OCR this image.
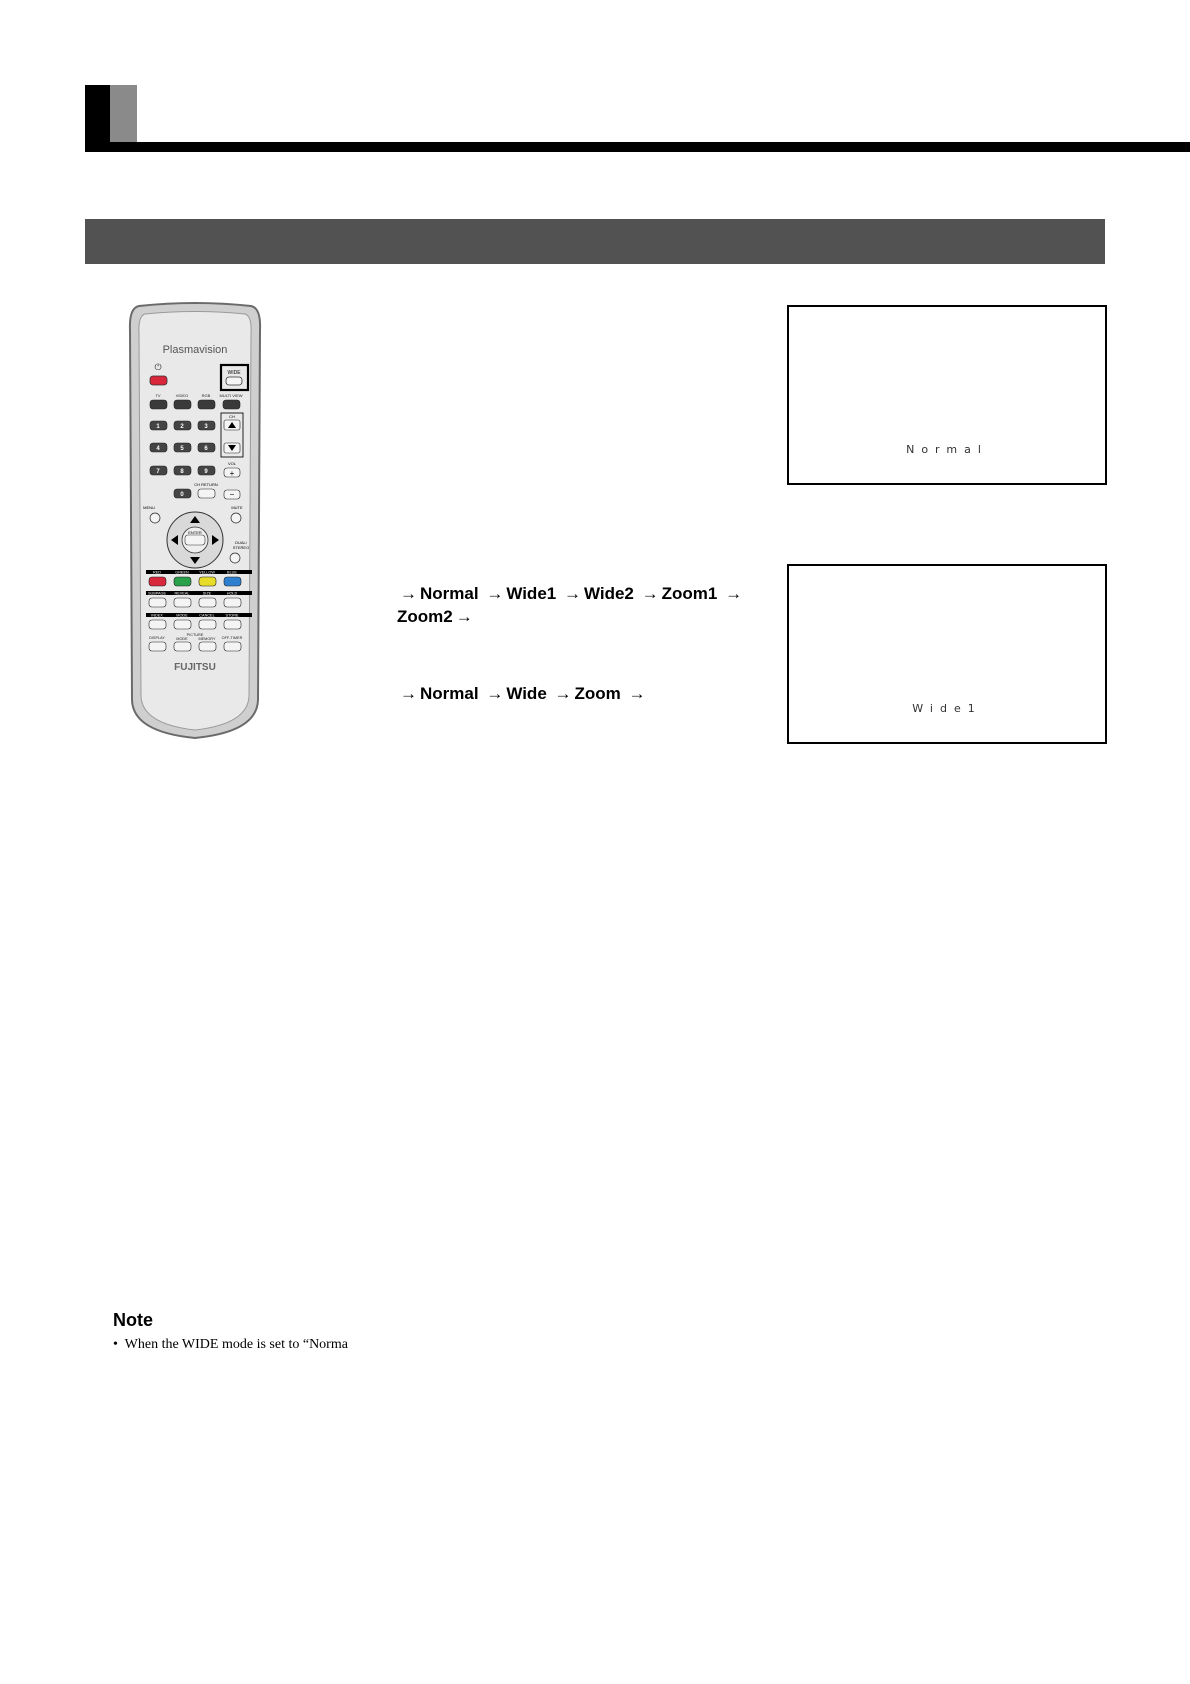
Plasmavision
⏻
WIDE
TV	VIDEO	RGB MULTI VIEW
1	2	3
4	5	6
7	8	9
0
CH
VOL
+
−
CH RETURN
MENU	MUTE
ENTER
DUAL/
STEREO
RED	GREEN	YELLOW	BLUE
SUBPAGE REVEAL	SIZE	HOLD
INDEX	MODE	CANCEL	STORE
DISPLAY	MODE
PICTURE
MEMORY OFF-TIMER
FUJITSU
→ Normal → Wide1 → Wide2 → Zoom1 →
Zoom2 →
→ Normal → Wide → Zoom →
Normal
Wide1
Note
• When the WIDE mode is set to “Norma
